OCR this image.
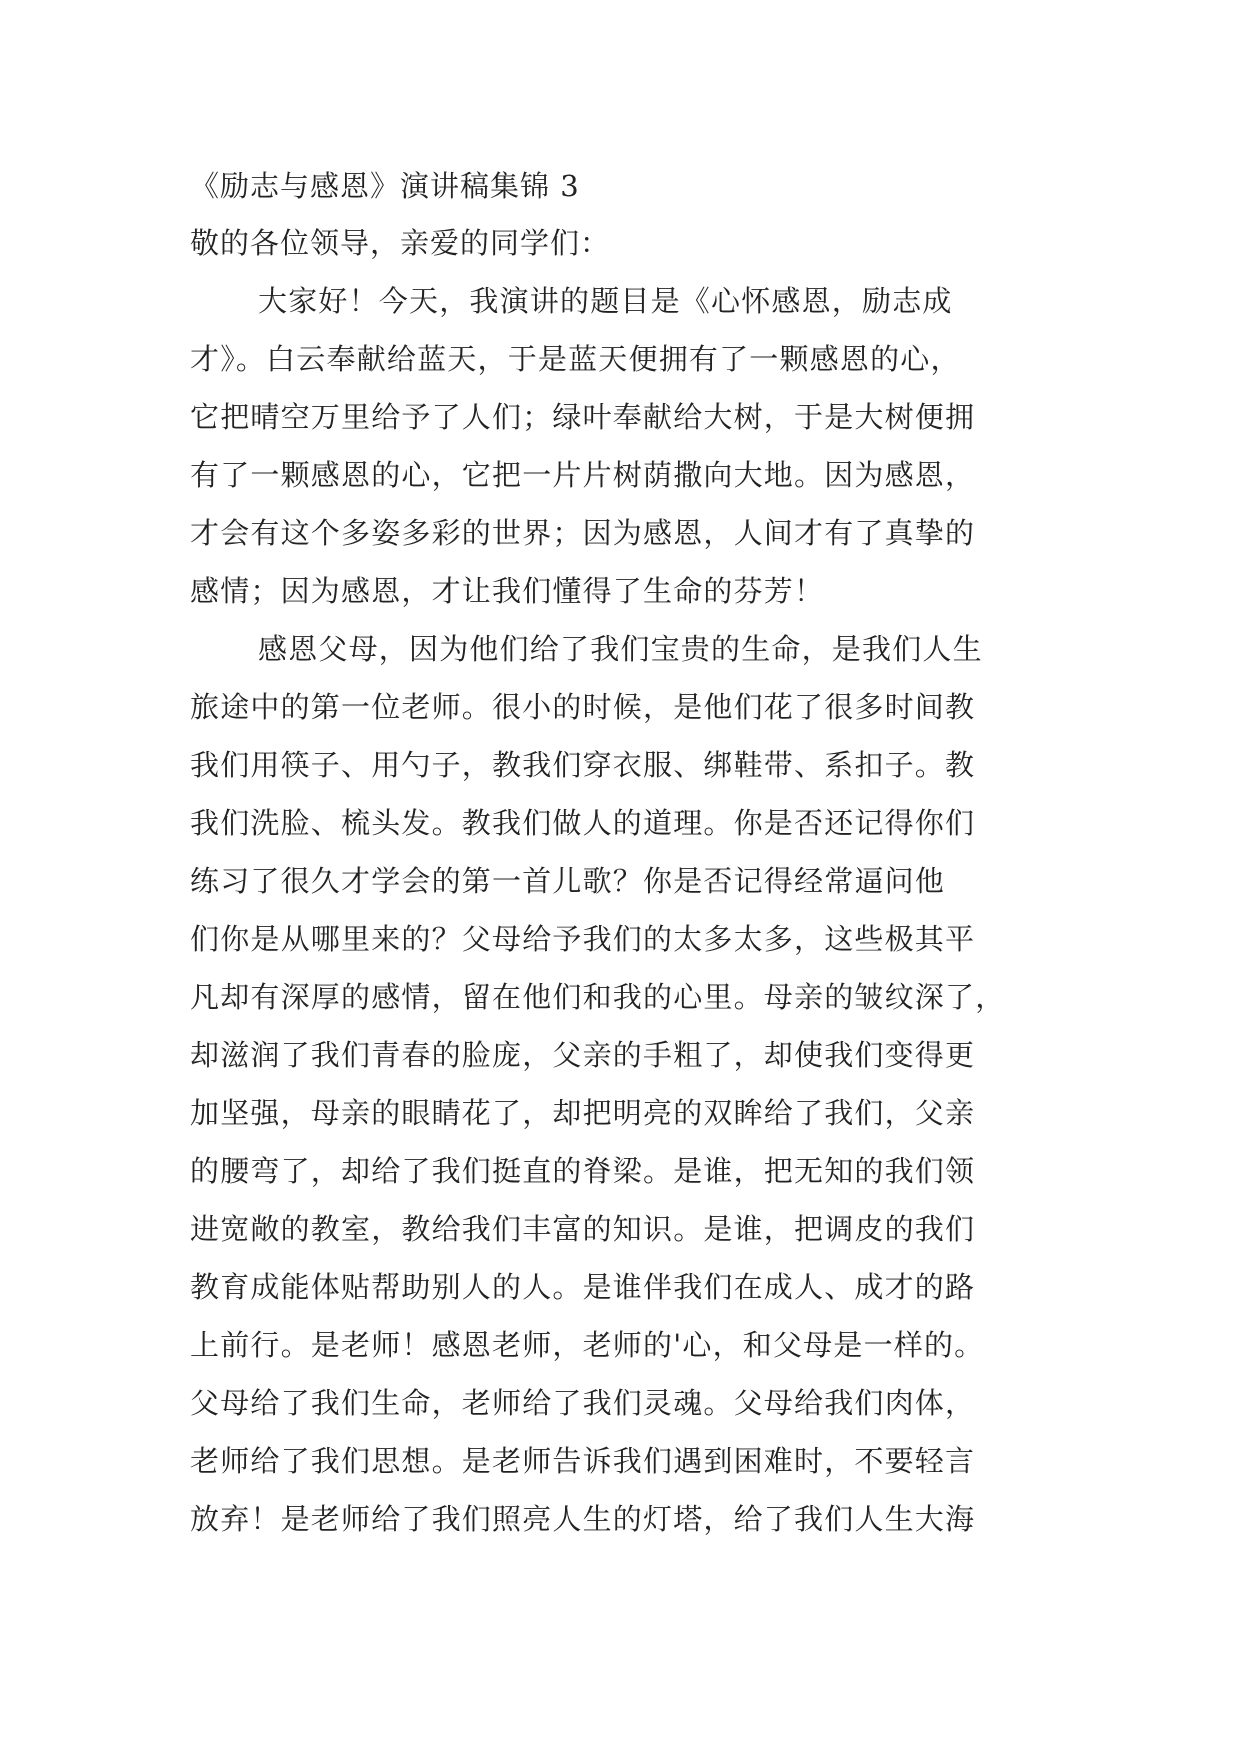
《励志与感恩》演讲稿集锦 3
敬的各位领导，亲爱的同学们：
大家好！今天，我演讲的题目是《心怀感恩，励志成
才》。白云奉献给蓝天，于是蓝天便拥有了一颗感恩的心，
它把晴空万里给予了人们；绿叶奉献给大树，于是大树便拥
有了一颗感恩的心，它把一片片树荫撒向大地。因为感恩，
才会有这个多姿多彩的世界；因为感恩，人间才有了真挚的
感情；因为感恩，才让我们懂得了生命的芬芳！
感恩父母，因为他们给了我们宝贵的生命，是我们人生
旅途中的第一位老师。很小的时候，是他们花了很多时间教
我们用筷子、用勺子，教我们穿衣服、绑鞋带、系扣子。教
我们洗脸、梳头发。教我们做人的道理。你是否还记得你们
练习了很久才学会的第一首儿歌？你是否记得经常逼问他
们你是从哪里来的？父母给予我们的太多太多，这些极其平
凡却有深厚的感情，留在他们和我的心里。母亲的皱纹深了，
却滋润了我们青春的脸庞，父亲的手粗了，却使我们变得更
加坚强，母亲的眼睛花了，却把明亮的双眸给了我们，父亲
的腰弯了，却给了我们挺直的脊梁。是谁，把无知的我们领
进宽敞的教室，教给我们丰富的知识。是谁，把调皮的我们
教育成能体贴帮助别人的人。是谁伴我们在成人、成才的路
上前行。是老师！感恩老师，老师的'心，和父母是一样的。
父母给了我们生命，老师给了我们灵魂。父母给我们肉体，
老师给了我们思想。是老师告诉我们遇到困难时，不要轻言
放弃！是老师给了我们照亮人生的灯塔，给了我们人生大海
